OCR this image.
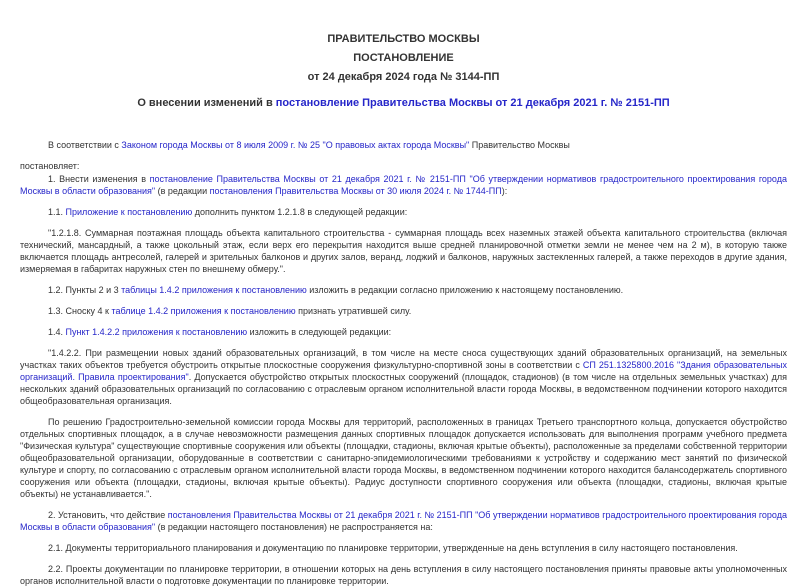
ПРАВИТЕЛЬСТВО МОСКВЫ

ПОСТАНОВЛЕНИЕ

от 24 декабря 2024 года № 3144-ПП

О внесении изменений в постановление Правительства Москвы от 21 декабря 2021 г. № 2151-ПП

В соответствии с Законом города Москвы от 8 июля 2009 г. № 25 "О правовых актах города Москвы" Правительство Москвы

постановляет:

1. Внести изменения в постановление Правительства Москвы от 21 декабря 2021 г. № 2151-ПП "Об утверждении нормативов градостроительного проектирования города Москвы в области образования" (в редакции постановления Правительства Москвы от 30 июля 2024 г. № 1744-ПП):

1.1. Приложение к постановлению дополнить пунктом 1.2.1.8 в следующей редакции:

"1.2.1.8. Суммарная поэтажная площадь объекта капитального строительства - суммарная площадь всех наземных этажей объекта капитального строительства (включая технический, мансардный, а также цокольный этаж, если верх его перекрытия находится выше средней планировочной отметки земли не менее чем на 2 м), в которую также включается площадь антресолей, галерей и зрительных балконов и других залов, веранд, лоджий и балконов, наружных застекленных галерей, а также переходов в другие здания, измеряемая в габаритах наружных стен по внешнему обмеру.".

1.2. Пункты 2 и 3 таблицы 1.4.2 приложения к постановлению изложить в редакции согласно приложению к настоящему постановлению.

1.3. Сноску 4 к таблице 1.4.2 приложения к постановлению признать утратившей силу.

1.4. Пункт 1.4.2.2 приложения к постановлению изложить в следующей редакции:

"1.4.2.2. При размещении новых зданий образовательных организаций, в том числе на месте сноса существующих зданий образовательных организаций, на земельных участках таких объектов требуется обустроить открытые плоскостные сооружения физкультурно-спортивной зоны в соответствии с СП 251.1325800.2016 "Здания образовательных организаций. Правила проектирования". Допускается обустройство открытых плоскостных сооружений (площадок, стадионов) (в том числе на отдельных земельных участках) для нескольких зданий образовательных организаций по согласованию с отраслевым органом исполнительной власти города Москвы, в ведомственном подчинении которого находится общеобразовательная организация.

По решению Градостроительно-земельной комиссии города Москвы для территорий, расположенных в границах Третьего транспортного кольца, допускается обустройство отдельных спортивных площадок, а в случае невозможности размещения данных спортивных площадок допускается использовать для выполнения программ учебного предмета "Физическая культура" существующие спортивные сооружения или объекты (площадки, стадионы, включая крытые объекты), расположенные за пределами собственной территории общеобразовательной организации, оборудованные в соответствии с санитарно-эпидемиологическими требованиями к устройству и содержанию мест занятий по физической культуре и спорту, по согласованию с отраслевым органом исполнительной власти города Москвы, в ведомственном подчинении которого находится балансодержатель спортивного сооружения или объекта (площадки, стадионы, включая крытые объекты). Радиус доступности спортивного сооружения или объекта (площадки, стадионы, включая крытые объекты) не устанавливается.".

2. Установить, что действие постановления Правительства Москвы от 21 декабря 2021 г. № 2151-ПП "Об утверждении нормативов градостроительного проектирования города Москвы в области образования" (в редакции настоящего постановления) не распространяется на:

2.1. Документы территориального планирования и документацию по планировке территории, утвержденные на день вступления в силу настоящего постановления.

2.2. Проекты документации по планировке территории, в отношении которых на день вступления в силу настоящего постановления приняты правовые акты уполномоченных органов исполнительной власти о подготовке документации по планировке территории.
